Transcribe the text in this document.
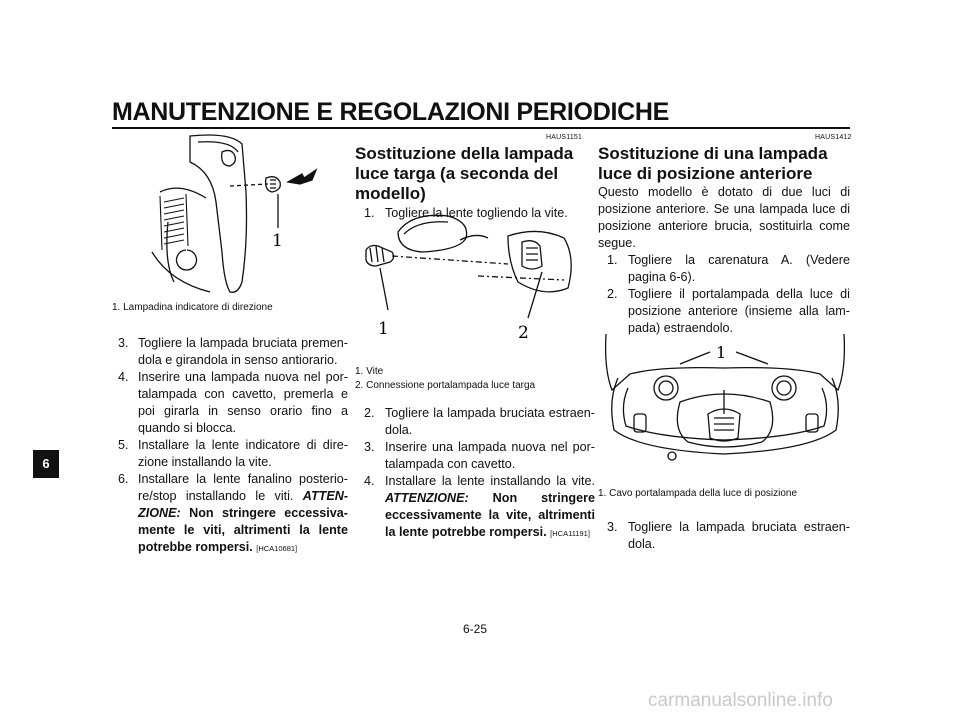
MANUTENZIONE E REGOLAZIONI PERIODICHE
6
1
1. Lampadina indicatore di direzione
3. Togliere la lampada bruciata premen-dola e girandola in senso antiorario.
4. Inserire una lampada nuova nel por-talampada con cavetto, premerla e poi girarla in senso orario fino a quando si blocca.
5. Installare la lente indicatore di dire-zione installando la vite.
6. Installare la lente fanalino posterio-re/stop installando le viti. ATTEN-ZIONE: Non stringere eccessiva-mente le viti, altrimenti la lente potrebbe rompersi. [HCA10681]
HAUS1151
Sostituzione della lampada luce targa (a seconda del modello)
1. Togliere la lente togliendo la vite.
1	2
1. Vite
2. Connessione portalampada luce targa
2. Togliere la lampada bruciata estraen-dola.
3. Inserire una lampada nuova nel por-talampada con cavetto.
4. Installare la lente installando la vite. ATTENZIONE: Non stringere eccessivamente la vite, altrimenti la lente potrebbe rompersi. [HCA11191]
HAUS1412
Sostituzione di una lampada luce di posizione anteriore
Questo modello è dotato di due luci di posizione anteriore. Se una lampada luce di posizione anteriore brucia, sostituirla come segue.
1. Togliere la carenatura A. (Vedere pagina 6-6).
2. Togliere il portalampada della luce di posizione anteriore (insieme alla lam-pada) estraendolo.
1
1. Cavo portalampada della luce di posizione
3. Togliere la lampada bruciata estraen-dola.
6-25
carmanualsonline.info
